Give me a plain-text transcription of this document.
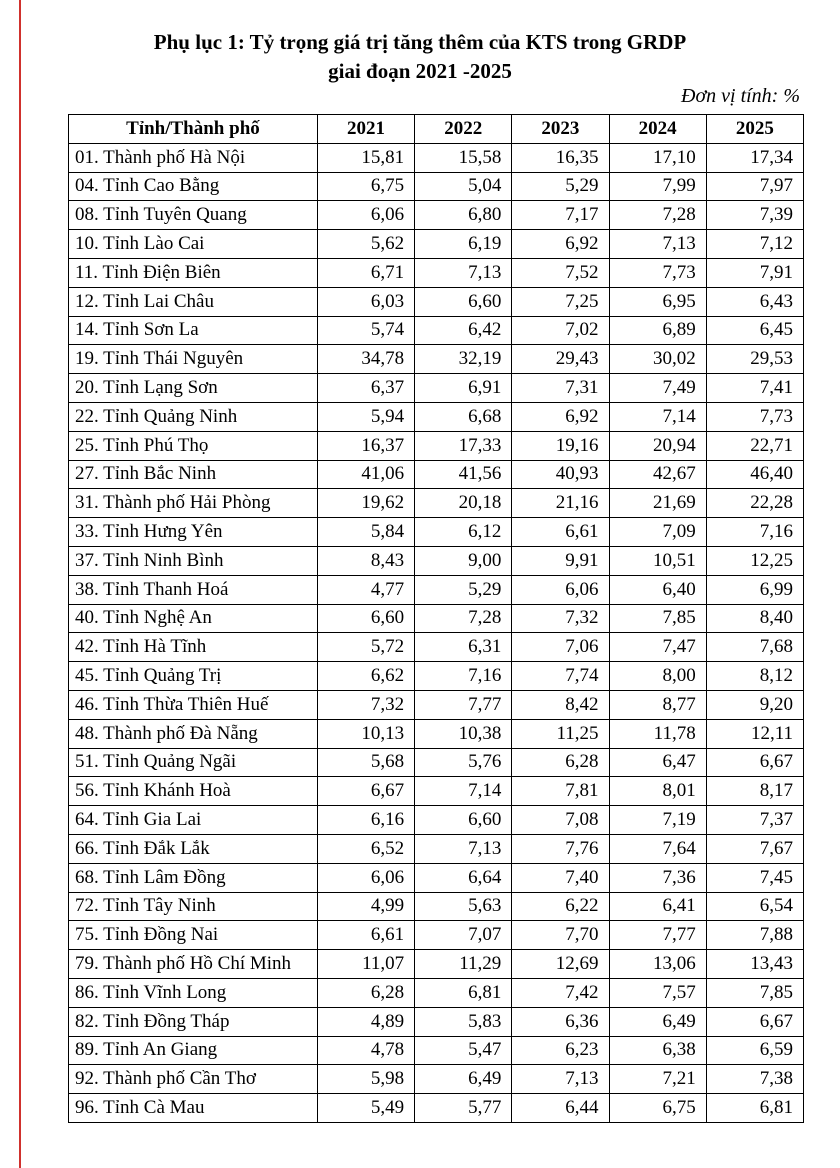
Phụ lục 1: Tỷ trọng giá trị tăng thêm của KTS trong GRDP
giai đoạn 2021 -2025
Đơn vị tính: %
Tỉnh/Thành phố	2021	2022	2023	2024	2025
01. Thành phố Hà Nội	15,81	15,58	16,35	17,10	17,34
04. Tỉnh Cao Bằng	6,75	5,04	5,29	7,99	7,97
08. Tỉnh Tuyên Quang	6,06	6,80	7,17	7,28	7,39
10. Tỉnh Lào Cai	5,62	6,19	6,92	7,13	7,12
11. Tỉnh Điện Biên	6,71	7,13	7,52	7,73	7,91
12. Tỉnh Lai Châu	6,03	6,60	7,25	6,95	6,43
14. Tỉnh Sơn La	5,74	6,42	7,02	6,89	6,45
19. Tỉnh Thái Nguyên	34,78	32,19	29,43	30,02	29,53
20. Tỉnh Lạng Sơn	6,37	6,91	7,31	7,49	7,41
22. Tỉnh Quảng Ninh	5,94	6,68	6,92	7,14	7,73
25. Tỉnh Phú Thọ	16,37	17,33	19,16	20,94	22,71
27. Tỉnh Bắc Ninh	41,06	41,56	40,93	42,67	46,40
31. Thành phố Hải Phòng	19,62	20,18	21,16	21,69	22,28
33. Tỉnh Hưng Yên	5,84	6,12	6,61	7,09	7,16
37. Tỉnh Ninh Bình	8,43	9,00	9,91	10,51	12,25
38. Tỉnh Thanh Hoá	4,77	5,29	6,06	6,40	6,99
40. Tỉnh Nghệ An	6,60	7,28	7,32	7,85	8,40
42. Tỉnh Hà Tĩnh	5,72	6,31	7,06	7,47	7,68
45. Tỉnh Quảng Trị	6,62	7,16	7,74	8,00	8,12
46. Tỉnh Thừa Thiên Huế	7,32	7,77	8,42	8,77	9,20
48. Thành phố Đà Nẵng	10,13	10,38	11,25	11,78	12,11
51. Tỉnh Quảng Ngãi	5,68	5,76	6,28	6,47	6,67
56. Tỉnh Khánh Hoà	6,67	7,14	7,81	8,01	8,17
64. Tỉnh Gia Lai	6,16	6,60	7,08	7,19	7,37
66. Tỉnh Đắk Lắk	6,52	7,13	7,76	7,64	7,67
68. Tỉnh Lâm Đồng	6,06	6,64	7,40	7,36	7,45
72. Tỉnh Tây Ninh	4,99	5,63	6,22	6,41	6,54
75. Tỉnh Đồng Nai	6,61	7,07	7,70	7,77	7,88
79. Thành phố Hồ Chí Minh	11,07	11,29	12,69	13,06	13,43
86. Tỉnh Vĩnh Long	6,28	6,81	7,42	7,57	7,85
82. Tỉnh Đồng Tháp	4,89	5,83	6,36	6,49	6,67
89. Tỉnh An Giang	4,78	5,47	6,23	6,38	6,59
92. Thành phố Cần Thơ	5,98	6,49	7,13	7,21	7,38
96. Tỉnh Cà Mau	5,49	5,77	6,44	6,75	6,81
